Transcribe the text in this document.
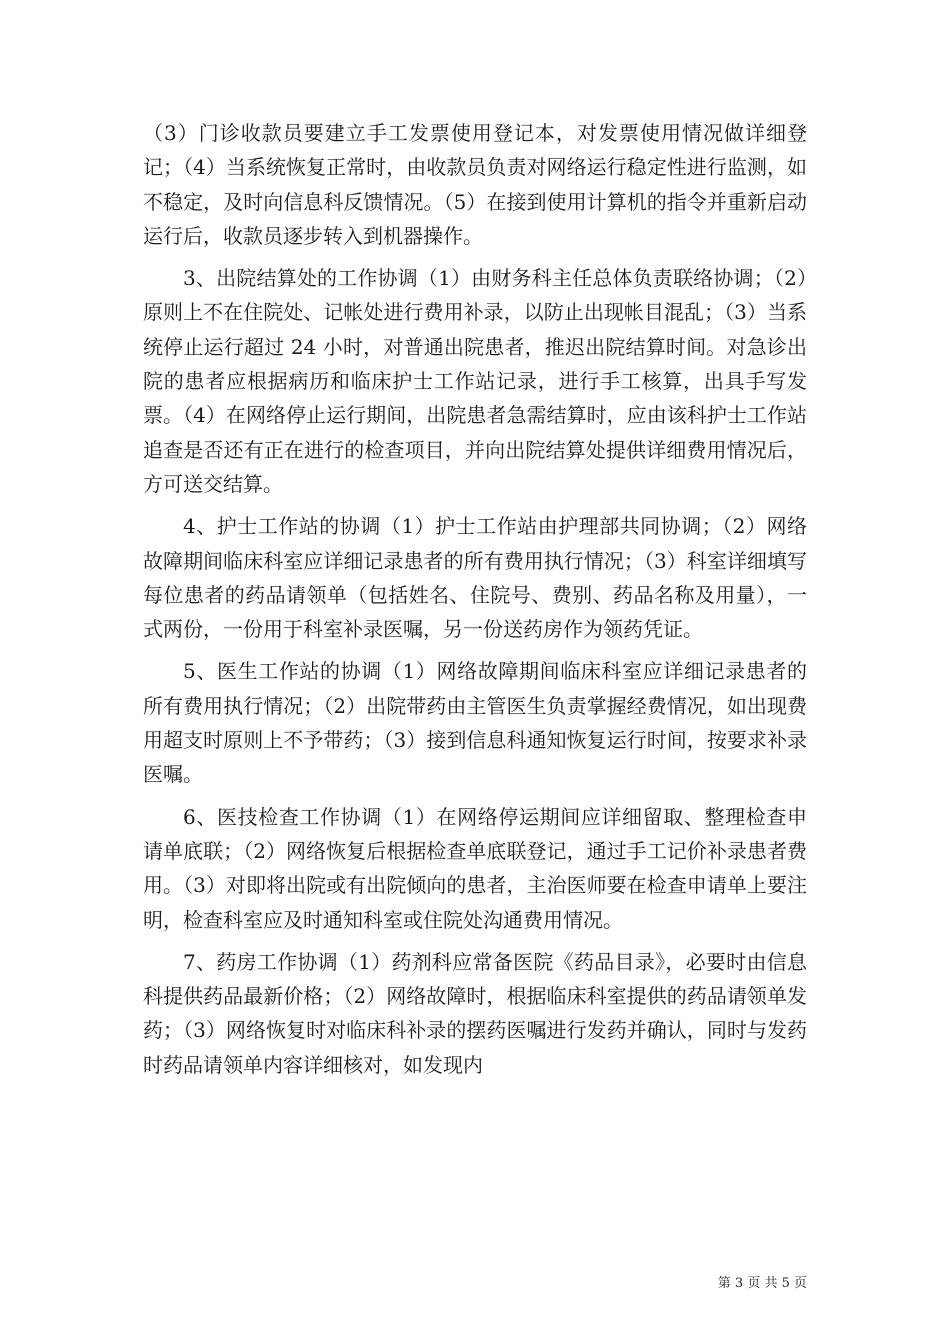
（3）门诊收款员要建立手工发票使用登记本，对发票使用情况做详细登记；（4）当系统恢复正常时，由收款员负责对网络运行稳定性进行监测，如不稳定，及时向信息科反馈情况。（5）在接到使用计算机的指令并重新启动运行后，收款员逐步转入到机器操作。

3、出院结算处的工作协调（1）由财务科主任总体负责联络协调；（2）原则上不在住院处、记帐处进行费用补录，以防止出现帐目混乱；（3）当系统停止运行超过 24 小时，对普通出院患者，推迟出院结算时间。对急诊出院的患者应根据病历和临床护士工作站记录，进行手工核算，出具手写发票。（4）在网络停止运行期间，出院患者急需结算时，应由该科护士工作站追查是否还有正在进行的检查项目，并向出院结算处提供详细费用情况后，方可送交结算。

4、护士工作站的协调（1）护士工作站由护理部共同协调；（2）网络故障期间临床科室应详细记录患者的所有费用执行情况；（3）科室详细填写每位患者的药品请领单（包括姓名、住院号、费别、药品名称及用量），一式两份，一份用于科室补录医嘱，另一份送药房作为领药凭证。

5、医生工作站的协调（1）网络故障期间临床科室应详细记录患者的所有费用执行情况；（2）出院带药由主管医生负责掌握经费情况，如出现费用超支时原则上不予带药；（3）接到信息科通知恢复运行时间，按要求补录医嘱。

6、医技检查工作协调（1）在网络停运期间应详细留取、整理检查申请单底联；（2）网络恢复后根据检查单底联登记，通过手工记价补录患者费用。（3）对即将出院或有出院倾向的患者，主治医师要在检查申请单上要注明，检查科室应及时通知科室或住院处沟通费用情况。

7、药房工作协调（1）药剂科应常备医院《药品目录》，必要时由信息科提供药品最新价格；（2）网络故障时，根据临床科室提供的药品请领单发药；（3）网络恢复时对临床科补录的摆药医嘱进行发药并确认，同时与发药时药品请领单内容详细核对，如发现内

第 3 页 共 5 页
